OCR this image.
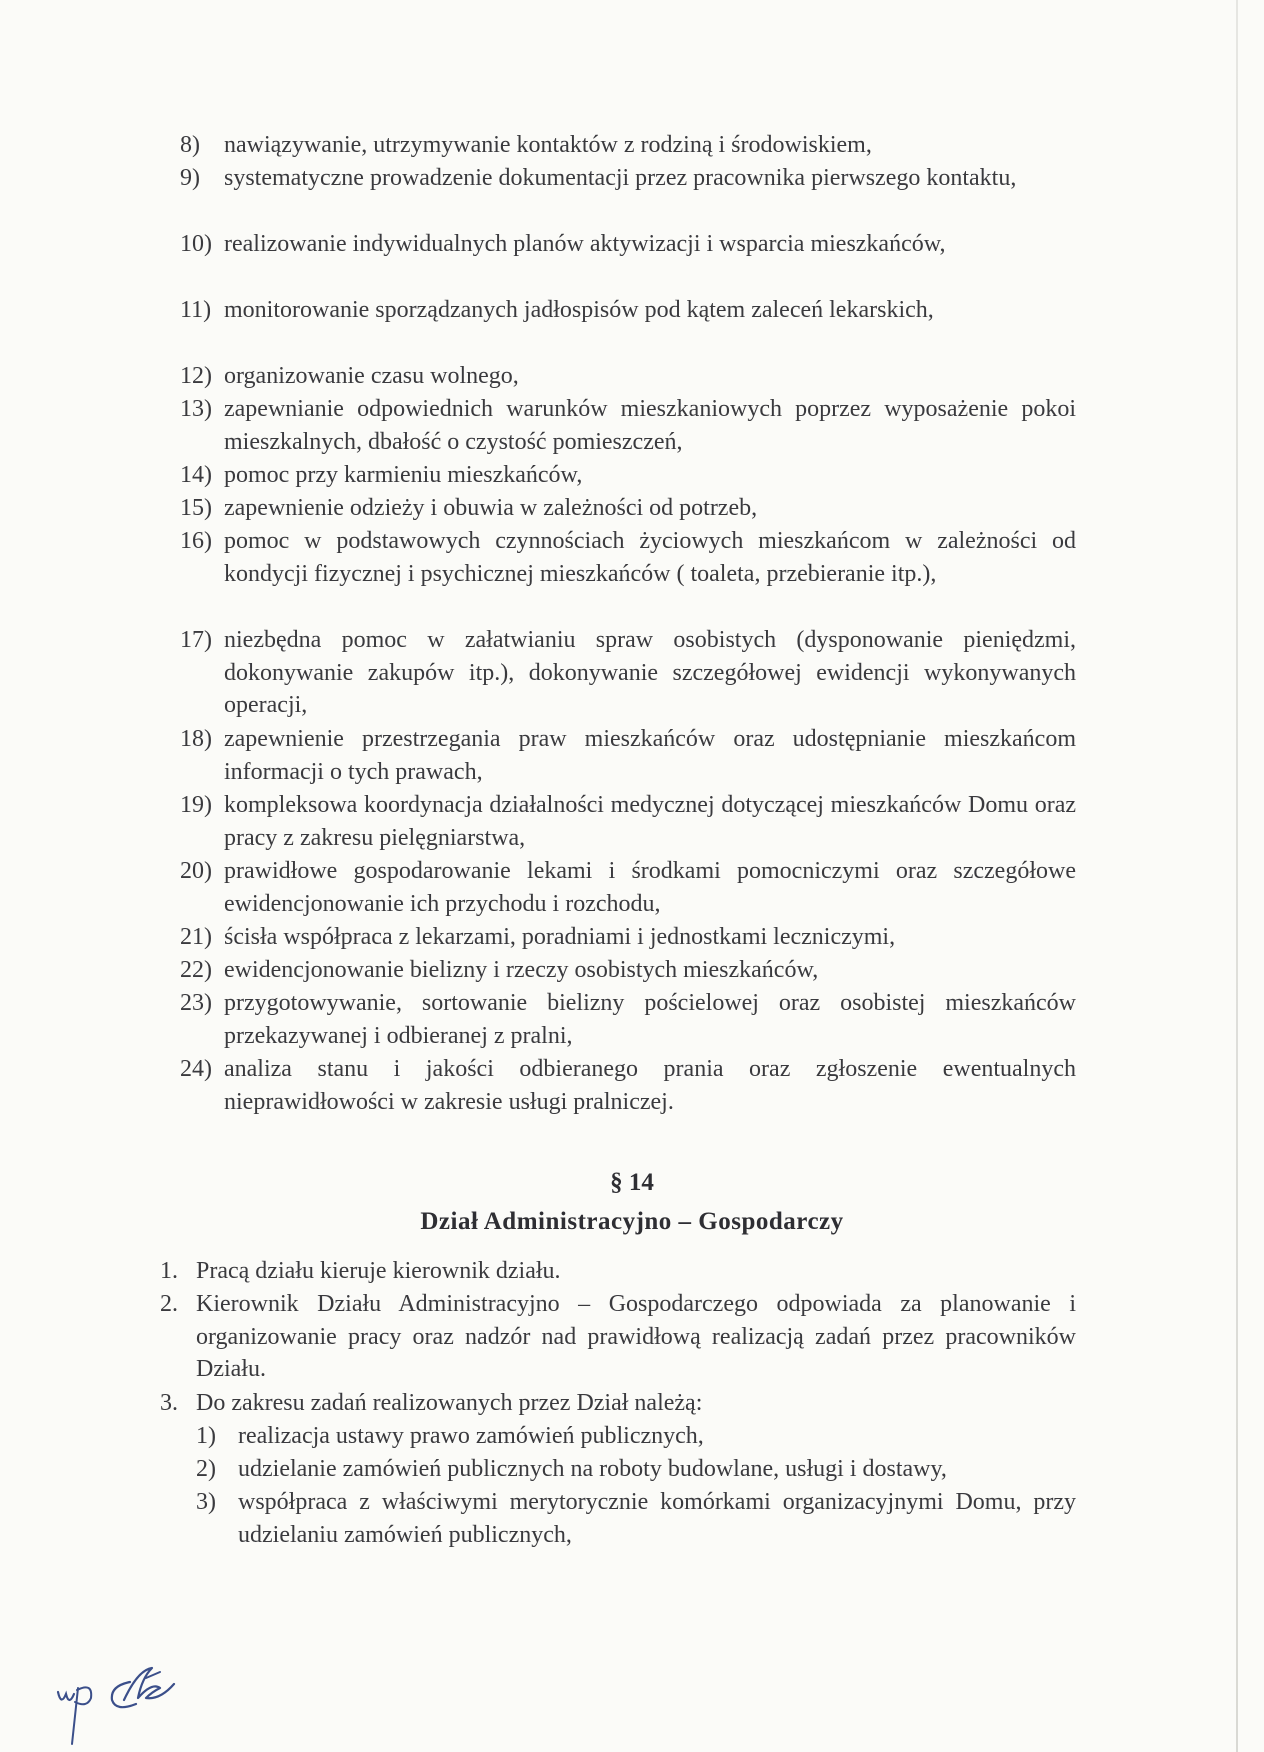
8)	nawiązywanie, utrzymywanie kontaktów z rodziną i środowiskiem,
9)	systematyczne prowadzenie dokumentacji przez pracownika pierwszego kontaktu,
10) realizowanie indywidualnych planów aktywizacji i wsparcia mieszkańców,
11) monitorowanie sporządzanych jadłospisów pod kątem zaleceń lekarskich,
12) organizowanie czasu wolnego,
13) zapewnianie odpowiednich warunków mieszkaniowych poprzez wyposażenie pokoi mieszkalnych, dbałość o czystość pomieszczeń,
14) pomoc przy karmieniu mieszkańców,
15) zapewnienie odzieży i obuwia w zależności od potrzeb,
16) pomoc w podstawowych czynnościach życiowych mieszkańcom w zależności od kondycji fizycznej i psychicznej mieszkańców ( toaleta, przebieranie itp.),
17) niezbędna pomoc w załatwianiu spraw osobistych (dysponowanie pieniędzmi, dokonywanie zakupów itp.), dokonywanie szczegółowej ewidencji wykonywanych operacji,
18) zapewnienie przestrzegania praw mieszkańców oraz udostępnianie mieszkańcom informacji o tych prawach,
19) kompleksowa koordynacja działalności medycznej dotyczącej mieszkańców Domu oraz pracy z zakresu pielęgniarstwa,
20) prawidłowe gospodarowanie lekami i środkami pomocniczymi oraz szczegółowe ewidencjonowanie ich przychodu i rozchodu,
21) ścisła współpraca z lekarzami, poradniami i jednostkami leczniczymi,
22) ewidencjonowanie bielizny i rzeczy osobistych mieszkańców,
23) przygotowywanie, sortowanie bielizny pościelowej oraz osobistej mieszkańców przekazywanej i odbieranej z pralni,
24) analiza stanu i jakości odbieranego prania oraz zgłoszenie ewentualnych nieprawidłowości w zakresie usługi pralniczej.
§ 14
Dział Administracyjno – Gospodarczy
1. Pracą działu kieruje kierownik działu.
2. Kierownik Działu Administracyjno – Gospodarczego odpowiada za planowanie i organizowanie pracy oraz nadzór nad prawidłową realizacją zadań przez pracowników Działu.
3. Do zakresu zadań realizowanych przez Dział należą:
1) realizacja ustawy prawo zamówień publicznych,
2) udzielanie zamówień publicznych na roboty budowlane, usługi i dostawy,
3) współpraca z właściwymi merytorycznie komórkami organizacyjnymi Domu, przy udzielaniu zamówień publicznych,
